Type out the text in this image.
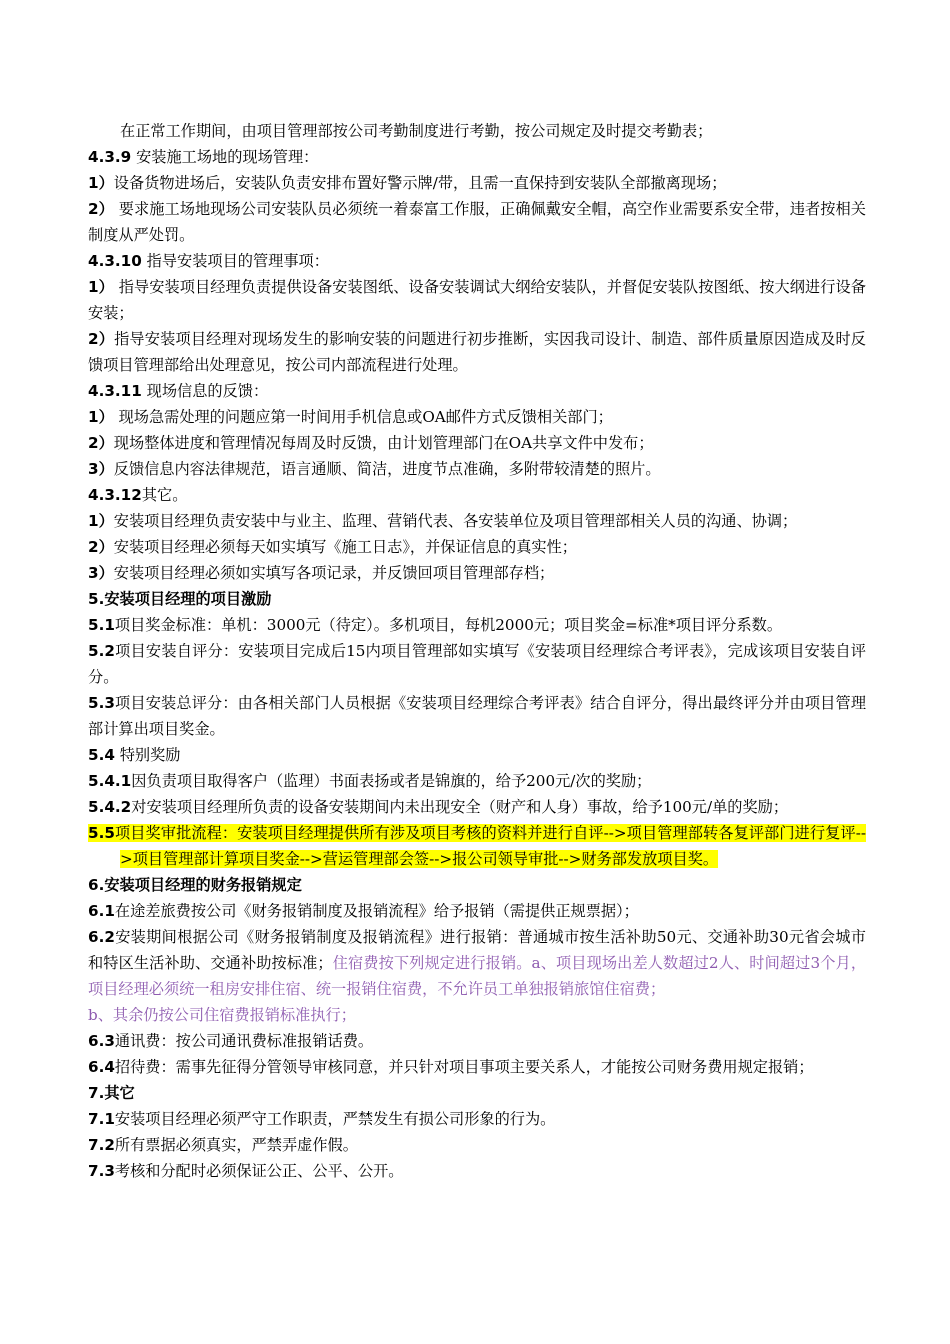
在正常工作期间，由项目管理部按公司考勤制度进行考勤，按公司规定及时提交考勤表；

4.3.9 安装施工场地的现场管理：

1）设备货物进场后，安装队负责安排布置好警示牌/带，且需一直保持到安装队全部撤离现场；

2） 要求施工场地现场公司安装队员必须统一着泰富工作服，正确佩戴安全帽，高空作业需要系安全带，违者按相关制度从严处罚。

4.3.10 指导安装项目的管理事项：

1） 指导安装项目经理负责提供设备安装图纸、设备安装调试大纲给安装队，并督促安装队按图纸、按大纲进行设备安装；

2）指导安装项目经理对现场发生的影响安装的问题进行初步推断，实因我司设计、制造、部件质量原因造成及时反馈项目管理部给出处理意见，按公司内部流程进行处理。

4.3.11 现场信息的反馈：

1） 现场急需处理的问题应第一时间用手机信息或OA邮件方式反馈相关部门；

2）现场整体进度和管理情况每周及时反馈，由计划管理部门在OA共享文件中发布；

3）反馈信息内容法律规范，语言通顺、简洁，进度节点准确，多附带较清楚的照片。

4.3.12其它。

1）安装项目经理负责安装中与业主、监理、营销代表、各安装单位及项目管理部相关人员的沟通、协调；

2）安装项目经理必须每天如实填写《施工日志》，并保证信息的真实性；

3）安装项目经理必须如实填写各项记录，并反馈回项目管理部存档；

5.安装项目经理的项目激励

5.1项目奖金标准：单机：3000元（待定）。多机项目，每机2000元；项目奖金=标准*项目评分系数。

5.2项目安装自评分：安装项目完成后15内项目管理部如实填写《安装项目经理综合考评表》，完成该项目安装自评分。

5.3项目安装总评分：由各相关部门人员根据《安装项目经理综合考评表》结合自评分，得出最终评分并由项目管理部计算出项目奖金。

5.4 特别奖励

5.4.1因负责项目取得客户（监理）书面表扬或者是锦旗的，给予200元/次的奖励；

5.4.2对安装项目经理所负责的设备安装期间内未出现安全（财产和人身）事故，给予100元/单的奖励；

5.5项目奖审批流程：安装项目经理提供所有涉及项目考核的资料并进行自评-->项目管理部转各复评部门进行复评-->项目管理部计算项目奖金-->营运管理部会签-->报公司领导审批-->财务部发放项目奖。

6.安装项目经理的财务报销规定

6.1在途差旅费按公司《财务报销制度及报销流程》给予报销（需提供正规票据）；

6.2安装期间根据公司《财务报销制度及报销流程》进行报销：普通城市按生活补助50元、交通补助30元省会城市和特区生活补助、交通补助按标准；住宿费按下列规定进行报销。a、项目现场出差人数超过2人、时间超过3个月，项目经理必须统一租房安排住宿、统一报销住宿费，不允许员工单独报销旅馆住宿费；

b、其余仍按公司住宿费报销标准执行；

6.3通讯费：按公司通讯费标准报销话费。

6.4招待费：需事先征得分管领导审核同意，并只针对项目事项主要关系人，才能按公司财务费用规定报销；

7.其它

7.1安装项目经理必须严守工作职责，严禁发生有损公司形象的行为。

7.2所有票据必须真实，严禁弄虚作假。

7.3考核和分配时必须保证公正、公平、公开。
